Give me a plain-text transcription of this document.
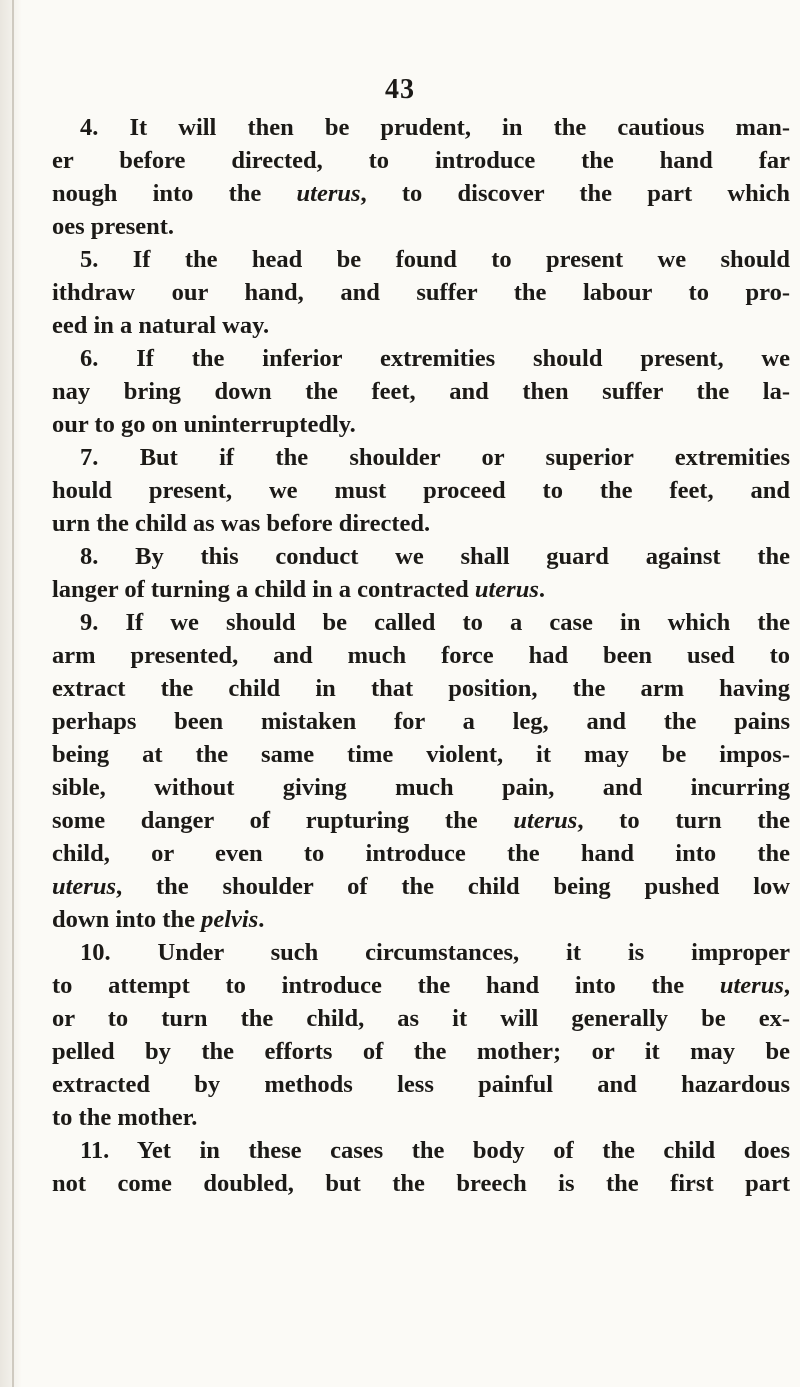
43
4. It will then be prudent, in the cautious man-
er before directed, to introduce the hand far
nough into the uterus, to discover the part which
oes present.
5. If the head be found to present we should
ithdraw our hand, and suffer the labour to pro-
eed in a natural way.
6. If the inferior extremities should present, we
nay bring down the feet, and then suffer the la-
our to go on uninterruptedly.
7. But if the shoulder or superior extremities
hould present, we must proceed to the feet, and
urn the child as was before directed.
8. By this conduct we shall guard against the
langer of turning a child in a contracted uterus.
9. If we should be called to a case in which the
arm presented, and much force had been used to
extract the child in that position, the arm having
perhaps been mistaken for a leg, and the pains
being at the same time violent, it may be impos-
sible, without giving much pain, and incurring
some danger of rupturing the uterus, to turn the
child, or even to introduce the hand into the
uterus, the shoulder of the child being pushed low
down into the pelvis.
10. Under such circumstances, it is improper
to attempt to introduce the hand into the uterus,
or to turn the child, as it will generally be ex-
pelled by the efforts of the mother; or it may be
extracted by methods less painful and hazardous
to the mother.
11. Yet in these cases the body of the child does
not come doubled, but the breech is the first part
